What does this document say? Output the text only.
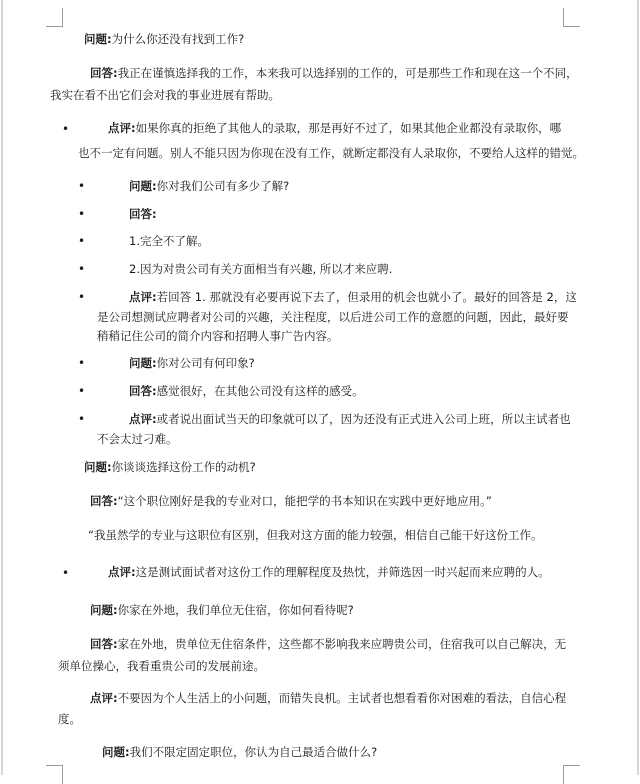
问题:为什么你还没有找到工作?
回答:我正在谨慎选择我的工作，本来我可以选择别的工作的，可是那些工作和现在这一个不同，
我实在看不出它们会对我的事业进展有帮助。
•	点评:如果你真的拒绝了其他人的录取，那是再好不过了，如果其他企业都没有录取你，哪
也不一定有问题。别人不能只因为你现在没有工作，就断定都没有人录取你，不要给人这样的错觉。
•	问题:你对我们公司有多少了解?
•	回答:
•	1.完全不了解。
•	2.因为对贵公司有关方面相当有兴趣, 所以才来应聘.
•	点评:若回答 1. 那就没有必要再说下去了，但录用的机会也就小了。最好的回答是 2，这
是公司想测试应聘者对公司的兴趣，关注程度，以后进公司工作的意愿的问题，因此，最好要
稍稍记住公司的简介内容和招聘人事广告内容。
•	问题:你对公司有何印象?
•	回答:感觉很好，在其他公司没有这样的感受。
•	点评:或者说出面试当天的印象就可以了，因为还没有正式进入公司上班，所以主试者也
不会太过刁难。
问题:你谈谈选择这份工作的动机?
回答:“这个职位刚好是我的专业对口，能把学的书本知识在实践中更好地应用。”
“我虽然学的专业与这职位有区别，但我对这方面的能力较强，相信自己能干好这份工作。
•	点评:这是测试面试者对这份工作的理解程度及热忱，并筛选因一时兴起而来应聘的人。
问题:你家在外地，我们单位无住宿，你如何看待呢?
回答:家在外地，贵单位无住宿条件，这些都不影响我来应聘贵公司，住宿我可以自己解决，无
须单位操心，我看重贵公司的发展前途。
点评:不要因为个人生活上的小问题，而错失良机。主试者也想看看你对困难的看法，自信心程
度。
问题:我们不限定固定职位，你认为自己最适合做什么?
